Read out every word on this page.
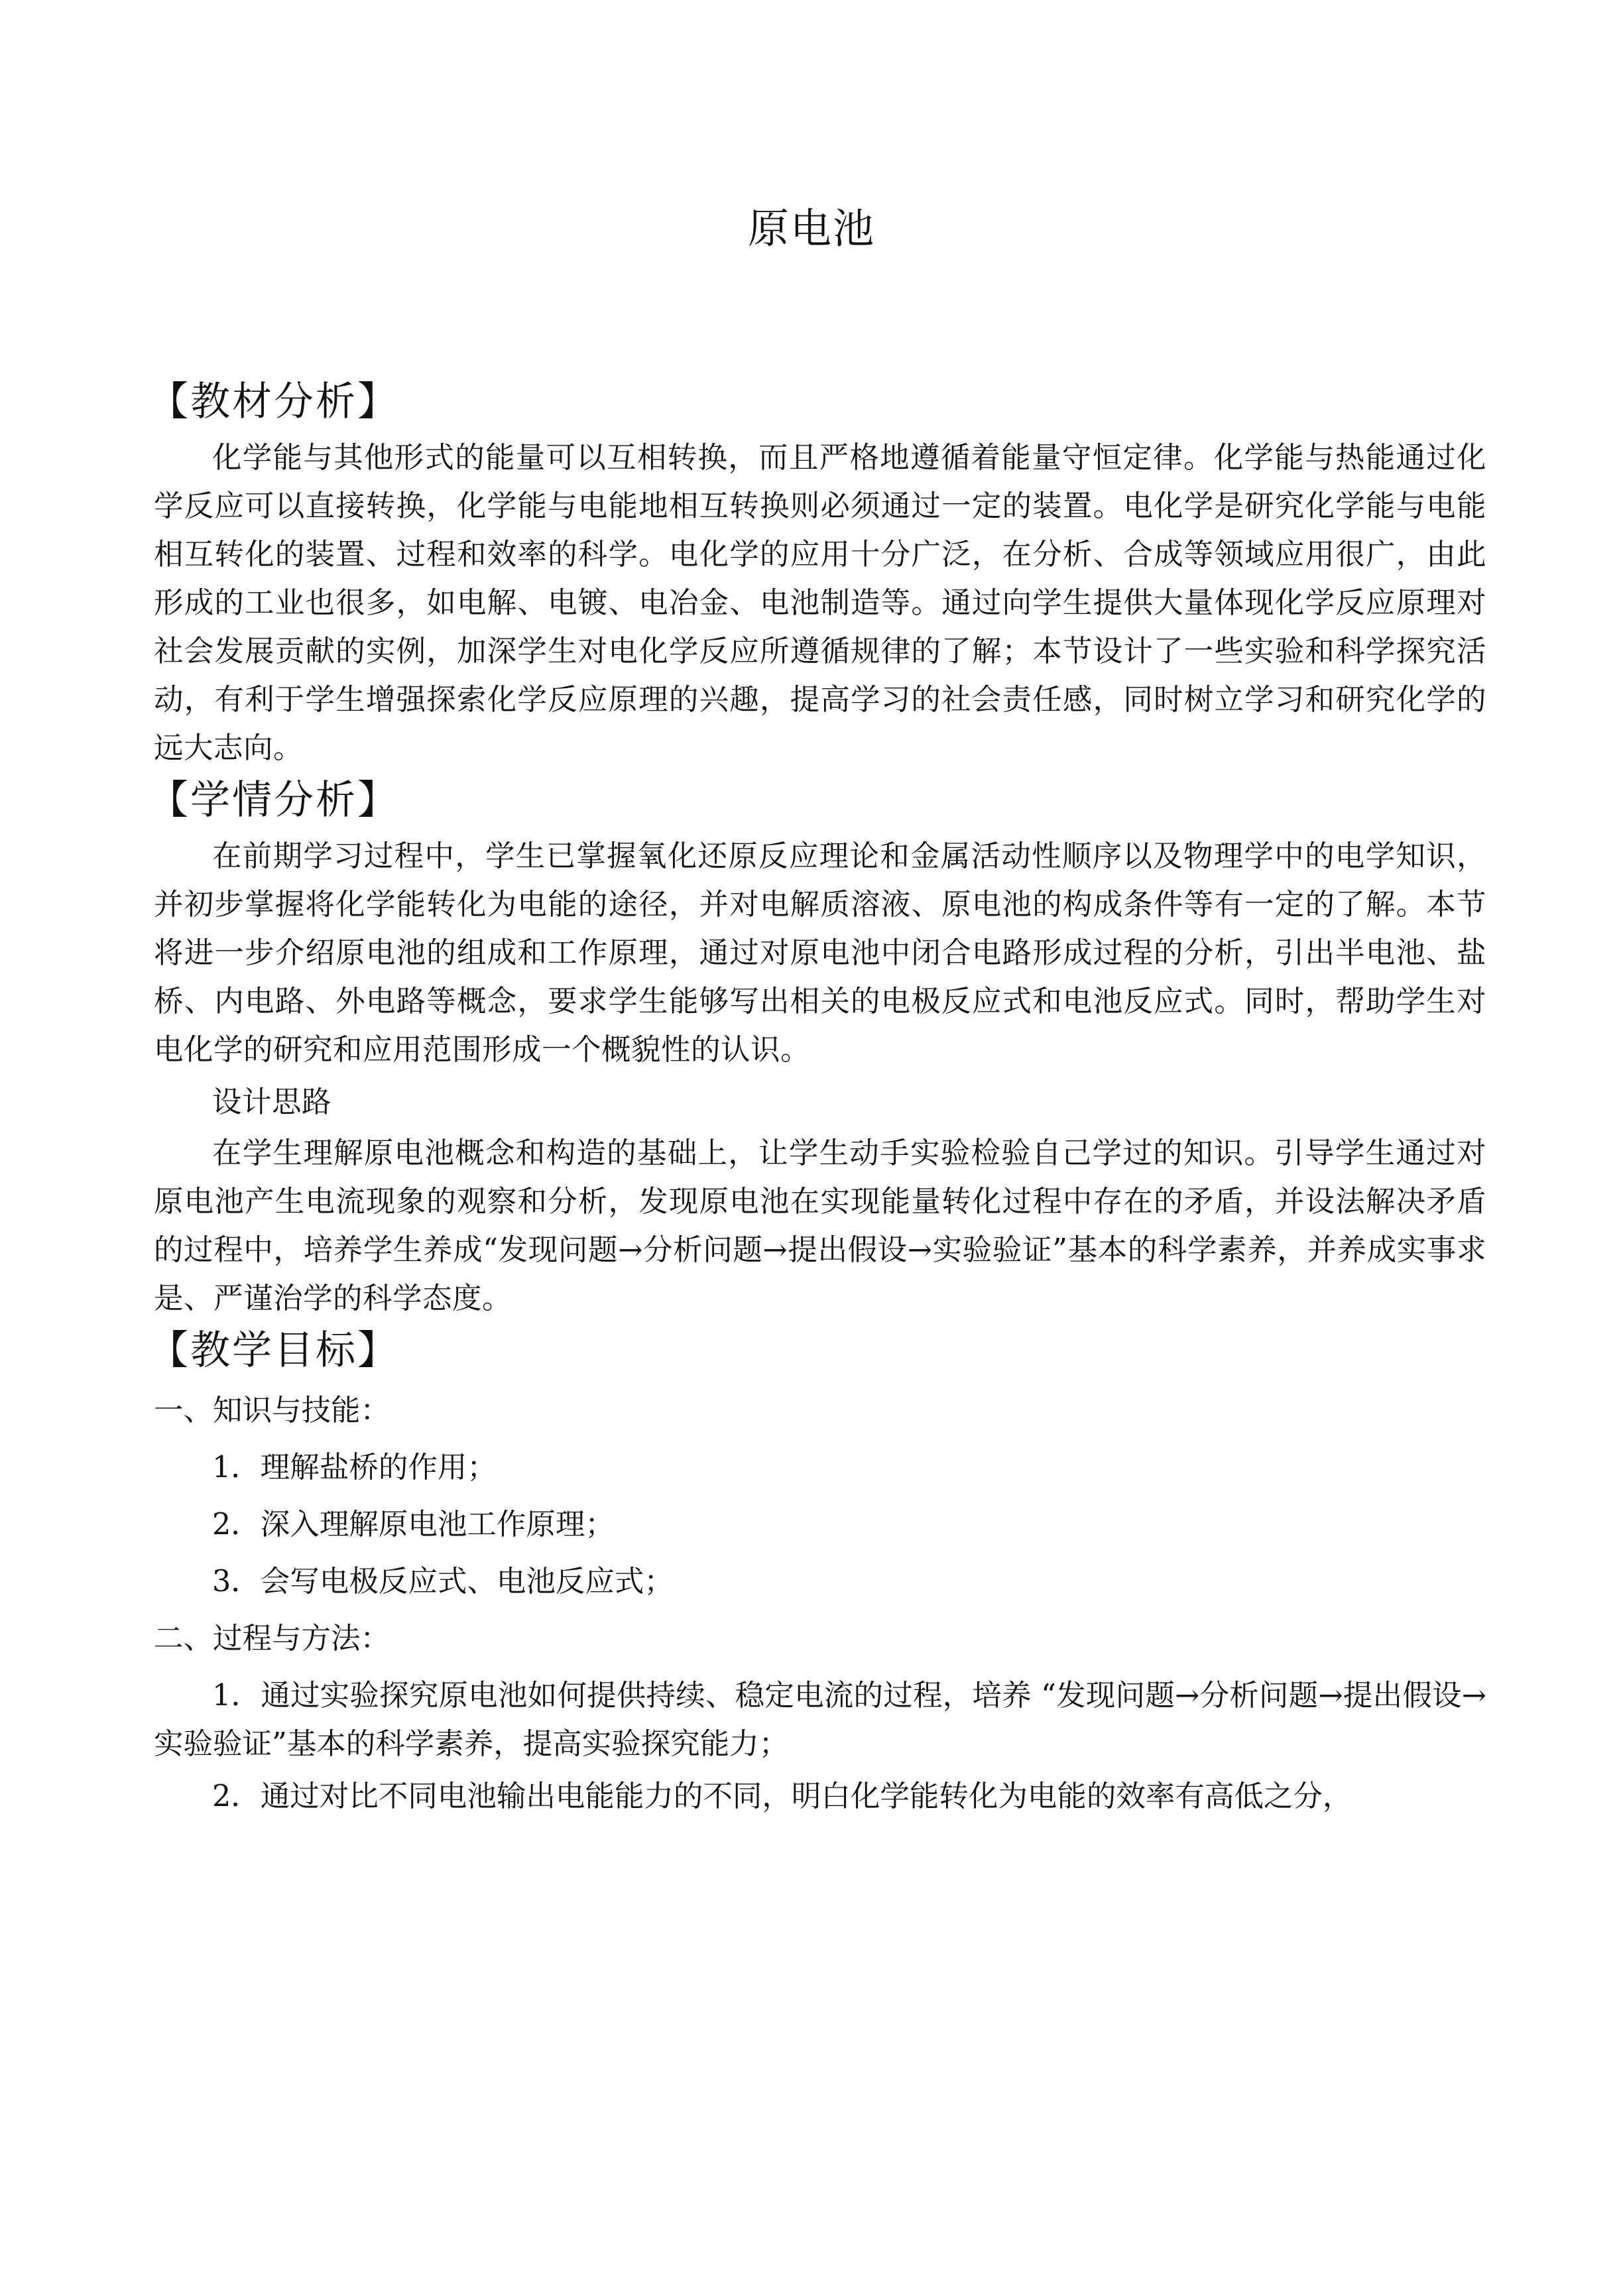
原电池
【教材分析】

化学能与其他形式的能量可以互相转换，而且严格地遵循着能量守恒定律。化学能与热能通过化学反应可以直接转换，化学能与电能地相互转换则必须通过一定的装置。电化学是研究化学能与电能相互转化的装置、过程和效率的科学。电化学的应用十分广泛，在分析、合成等领域应用很广，由此形成的工业也很多，如电解、电镀、电冶金、电池制造等。通过向学生提供大量体现化学反应原理对社会发展贡献的实例，加深学生对电化学反应所遵循规律的了解；本节设计了一些实验和科学探究活动，有利于学生增强探索化学反应原理的兴趣，提高学习的社会责任感，同时树立学习和研究化学的远大志向。

【学情分析】

在前期学习过程中，学生已掌握氧化还原反应理论和金属活动性顺序以及物理学中的电学知识，并初步掌握将化学能转化为电能的途径，并对电解质溶液、原电池的构成条件等有一定的了解。本节将进一步介绍原电池的组成和工作原理，通过对原电池中闭合电路形成过程的分析，引出半电池、盐桥、内电路、外电路等概念，要求学生能够写出相关的电极反应式和电池反应式。同时，帮助学生对电化学的研究和应用范围形成一个概貌性的认识。

设计思路

在学生理解原电池概念和构造的基础上，让学生动手实验检验自己学过的知识。引导学生通过对原电池产生电流现象的观察和分析，发现原电池在实现能量转化过程中存在的矛盾，并设法解决矛盾的过程中，培养学生养成“发现问题→分析问题→提出假设→实验验证”基本的科学素养，并养成实事求是、严谨治学的科学态度。

【教学目标】

一、知识与技能：

1．理解盐桥的作用；

2．深入理解原电池工作原理；

3．会写电极反应式、电池反应式；

二、过程与方法：

1．通过实验探究原电池如何提供持续、稳定电流的过程，培养 “发现问题→分析问题→提出假设→实验验证”基本的科学素养，提高实验探究能力；

2．通过对比不同电池输出电能能力的不同，明白化学能转化为电能的效率有高低之分，
